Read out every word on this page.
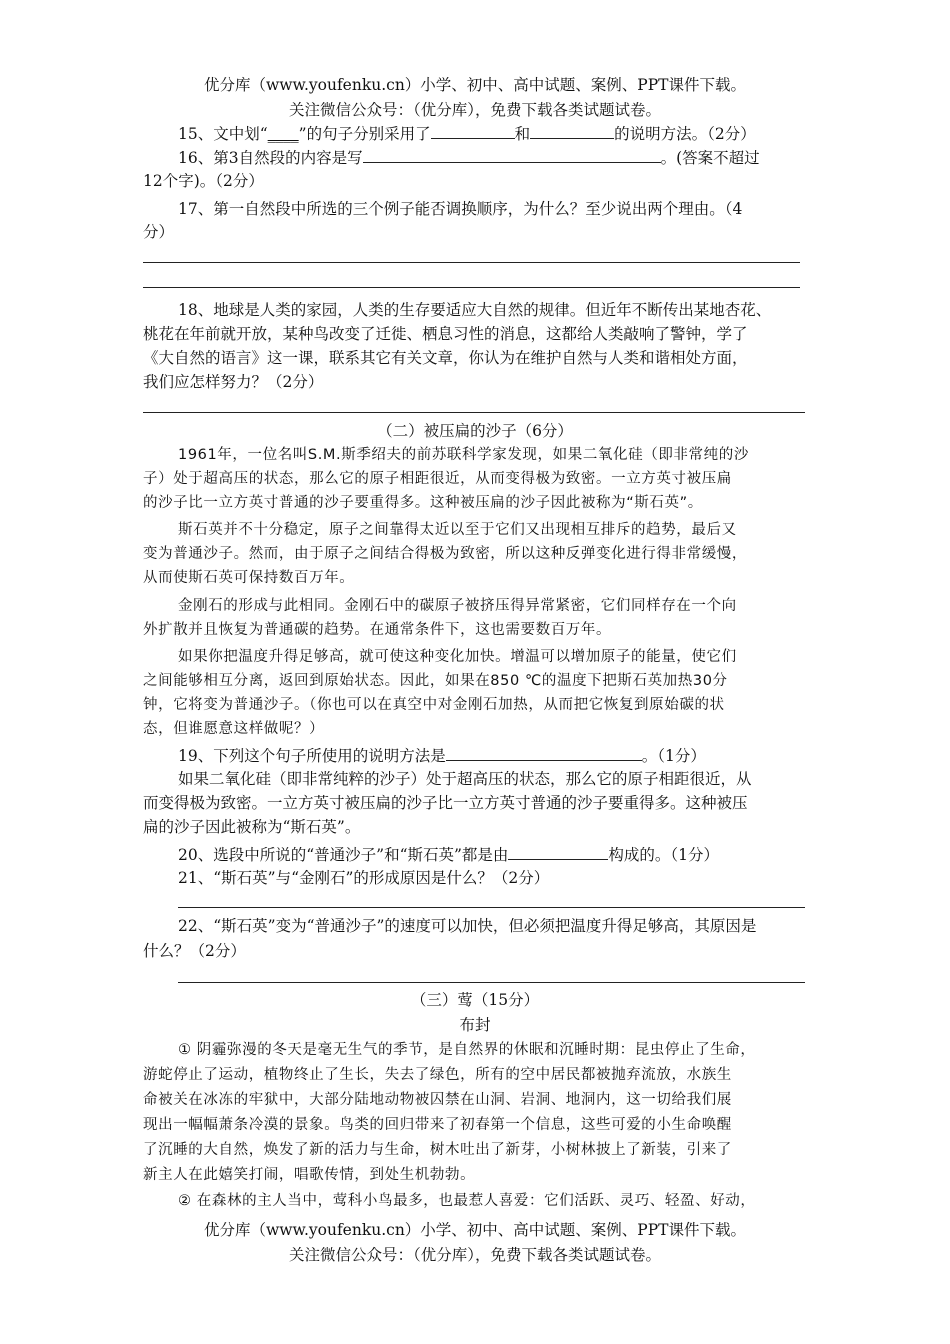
优分库（www.youfenku.cn）小学、初中、高中试题、案例、PPT课件下载。
关注微信公众号：（优分库），免费下载各类试题试卷。
15、文中划“____”的句子分别采用了	和	的说明方法。（2分）
16、第3自然段的内容是写	。(答案不超过
12个字)。（2分）
17、第一自然段中所选的三个例子能否调换顺序，为什么？至少说出两个理由。（4
分）
18、地球是人类的家园，人类的生存要适应大自然的规律。但近年不断传出某地杏花、
桃花在年前就开放，某种鸟改变了迁徙、栖息习性的消息，这都给人类敲响了警钟，学了
《大自然的语言》这一课，联系其它有关文章，你认为在维护自然与人类和谐相处方面，
我们应怎样努力？（2分）
（二）被压扁的沙子（6分）
1961年，一位名叫S.M.斯季绍夫的前苏联科学家发现，如果二氧化硅（即非常纯的沙
子）处于超高压的状态，那么它的原子相距很近，从而变得极为致密。一立方英寸被压扁
的沙子比一立方英寸普通的沙子要重得多。这种被压扁的沙子因此被称为“斯石英”。
斯石英并不十分稳定，原子之间靠得太近以至于它们又出现相互排斥的趋势，最后又
变为普通沙子。然而，由于原子之间结合得极为致密，所以这种反弹变化进行得非常缓慢，
从而使斯石英可保持数百万年。
金刚石的形成与此相同。金刚石中的碳原子被挤压得异常紧密，它们同样存在一个向
外扩散并且恢复为普通碳的趋势。在通常条件下，这也需要数百万年。
如果你把温度升得足够高，就可使这种变化加快。增温可以增加原子的能量，使它们
之间能够相互分离，返回到原始状态。因此，如果在850 ℃的温度下把斯石英加热30分
钟，它将变为普通沙子。（你也可以在真空中对金刚石加热，从而把它恢复到原始碳的状
态，但谁愿意这样做呢？）
19、下列这个句子所使用的说明方法是	。（1分）
如果二氧化硅（即非常纯粹的沙子）处于超高压的状态，那么它的原子相距很近，从
而变得极为致密。一立方英寸被压扁的沙子比一立方英寸普通的沙子要重得多。这种被压
扁的沙子因此被称为“斯石英”。
20、选段中所说的“普通沙子”和“斯石英”都是由	构成的。（1分）
21、“斯石英”与“金刚石”的形成原因是什么？（2分）
22、“斯石英”变为“普通沙子”的速度可以加快，但必须把温度升得足够高，其原因是
什么？（2分）
（三）莺（15分）
布封
① 阴霾弥漫的冬天是毫无生气的季节，是自然界的休眠和沉睡时期：昆虫停止了生命，
游蛇停止了运动，植物终止了生长，失去了绿色，所有的空中居民都被抛弃流放，水族生
命被关在冰冻的牢狱中，大部分陆地动物被囚禁在山洞、岩洞、地洞内，这一切给我们展
现出一幅幅萧条冷漠的景象。鸟类的回归带来了初春第一个信息，这些可爱的小生命唤醒
了沉睡的大自然，焕发了新的活力与生命，树木吐出了新芽，小树林披上了新装，引来了
新主人在此嬉笑打闹，唱歌传情，到处生机勃勃。
② 在森林的主人当中，莺科小鸟最多，也最惹人喜爱：它们活跃、灵巧、轻盈、好动，
优分库（www.youfenku.cn）小学、初中、高中试题、案例、PPT课件下载。
关注微信公众号：（优分库），免费下载各类试题试卷。
